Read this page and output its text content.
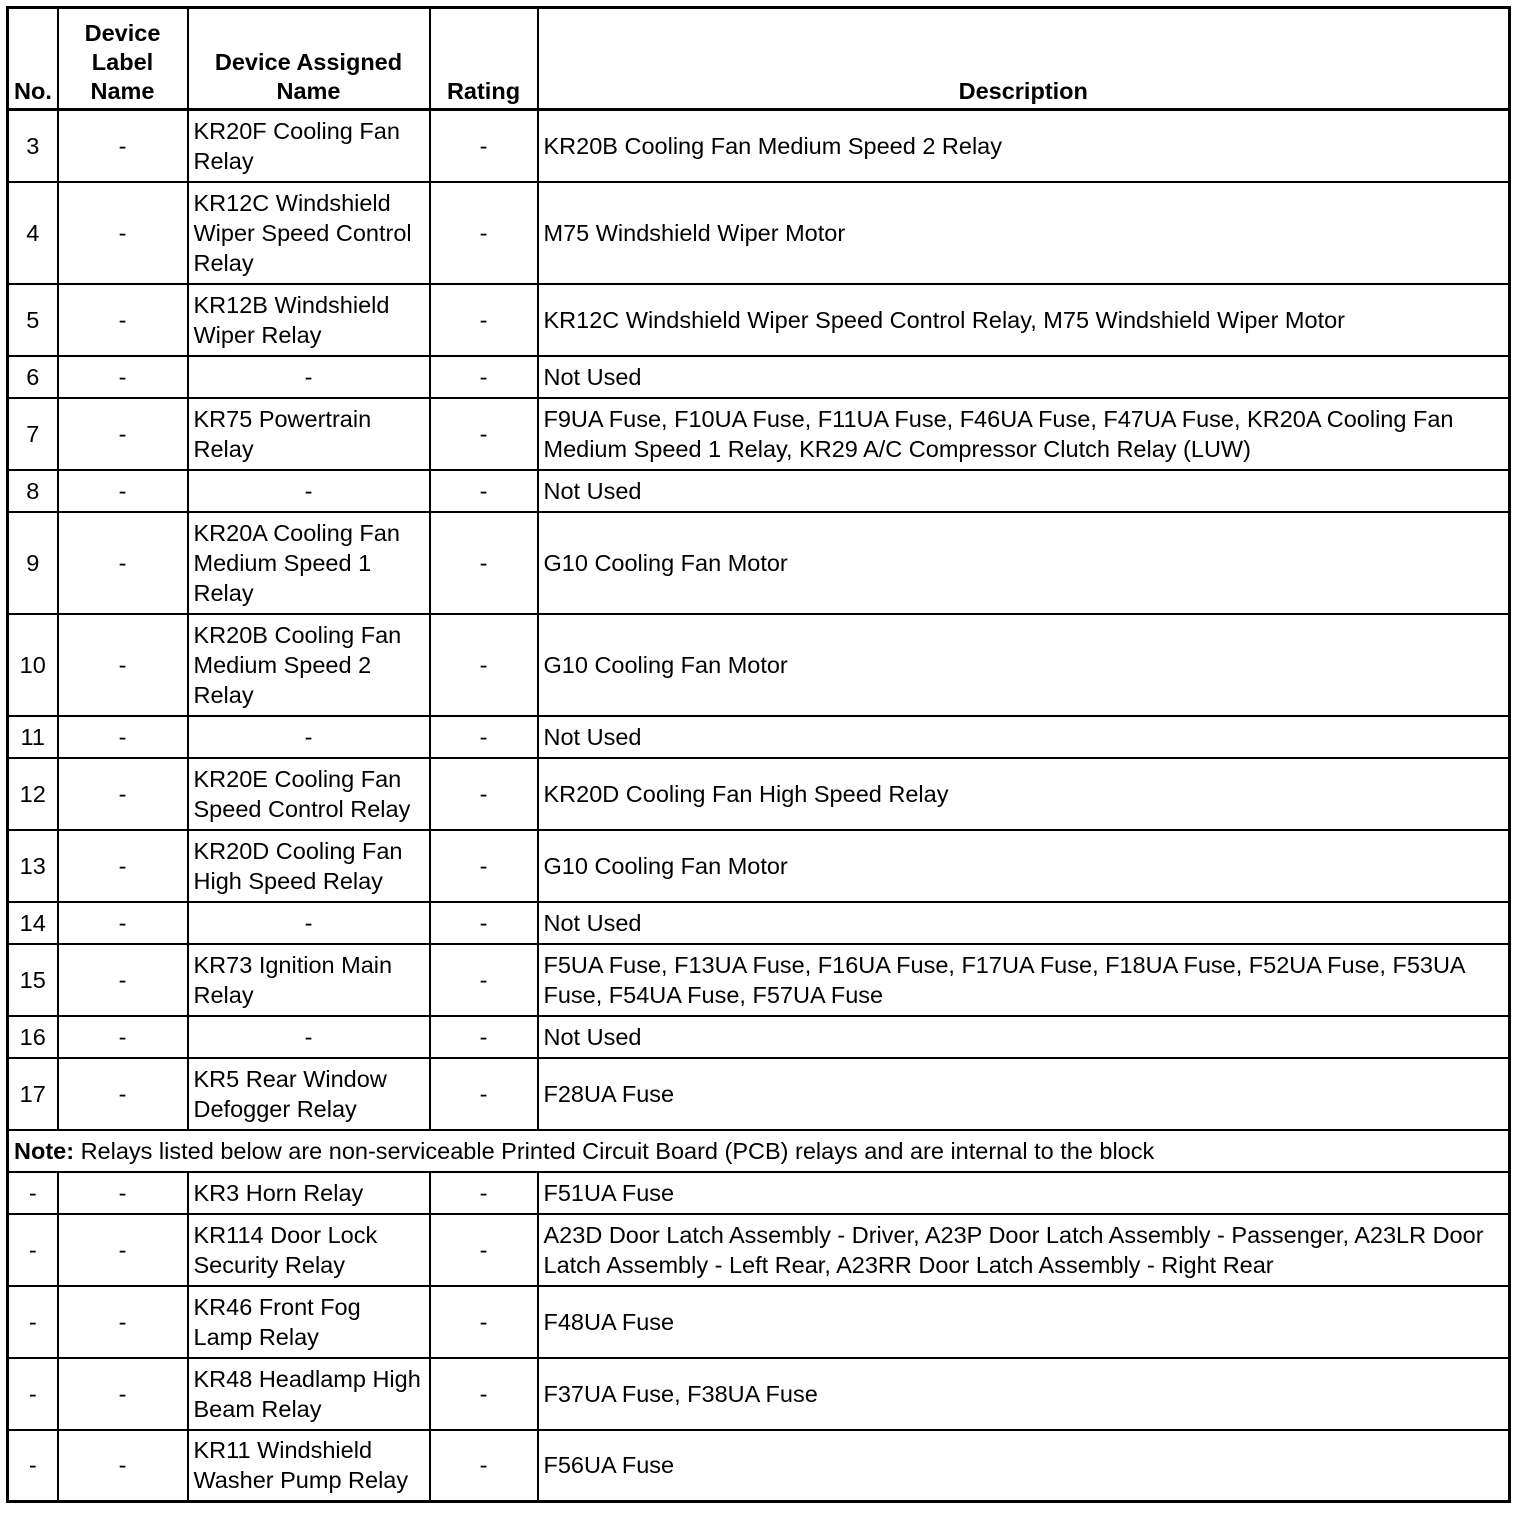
No.	Device Label Name	Device Assigned Name	Rating	Description
3	-	KR20F Cooling Fan Relay	-	KR20B Cooling Fan Medium Speed 2 Relay
4	-	KR12C Windshield Wiper Speed Control Relay	-	M75 Windshield Wiper Motor
5	-	KR12B Windshield Wiper Relay	-	KR12C Windshield Wiper Speed Control Relay, M75 Windshield Wiper Motor
6	-	-	-	Not Used
7	-	KR75 Powertrain Relay	-	F9UA Fuse, F10UA Fuse, F11UA Fuse, F46UA Fuse, F47UA Fuse, KR20A Cooling Fan Medium Speed 1 Relay, KR29 A/C Compressor Clutch Relay (LUW)
8	-	-	-	Not Used
9	-	KR20A Cooling Fan Medium Speed 1 Relay	-	G10 Cooling Fan Motor
10	-	KR20B Cooling Fan Medium Speed 2 Relay	-	G10 Cooling Fan Motor
11	-	-	-	Not Used
12	-	KR20E Cooling Fan Speed Control Relay	-	KR20D Cooling Fan High Speed Relay
13	-	KR20D Cooling Fan High Speed Relay	-	G10 Cooling Fan Motor
14	-	-	-	Not Used
15	-	KR73 Ignition Main Relay	-	F5UA Fuse, F13UA Fuse, F16UA Fuse, F17UA Fuse, F18UA Fuse, F52UA Fuse, F53UA Fuse, F54UA Fuse, F57UA Fuse
16	-	-	-	Not Used
17	-	KR5 Rear Window Defogger Relay	-	F28UA Fuse
Note: Relays listed below are non-serviceable Printed Circuit Board (PCB) relays and are internal to the block				
-	-	KR3 Horn Relay	-	F51UA Fuse
-	-	KR114 Door Lock Security Relay	-	A23D Door Latch Assembly - Driver, A23P Door Latch Assembly - Passenger, A23LR Door Latch Assembly - Left Rear, A23RR Door Latch Assembly - Right Rear
-	-	KR46 Front Fog Lamp Relay	-	F48UA Fuse
-	-	KR48 Headlamp High Beam Relay	-	F37UA Fuse, F38UA Fuse
-	-	KR11 Windshield Washer Pump Relay	-	F56UA Fuse
